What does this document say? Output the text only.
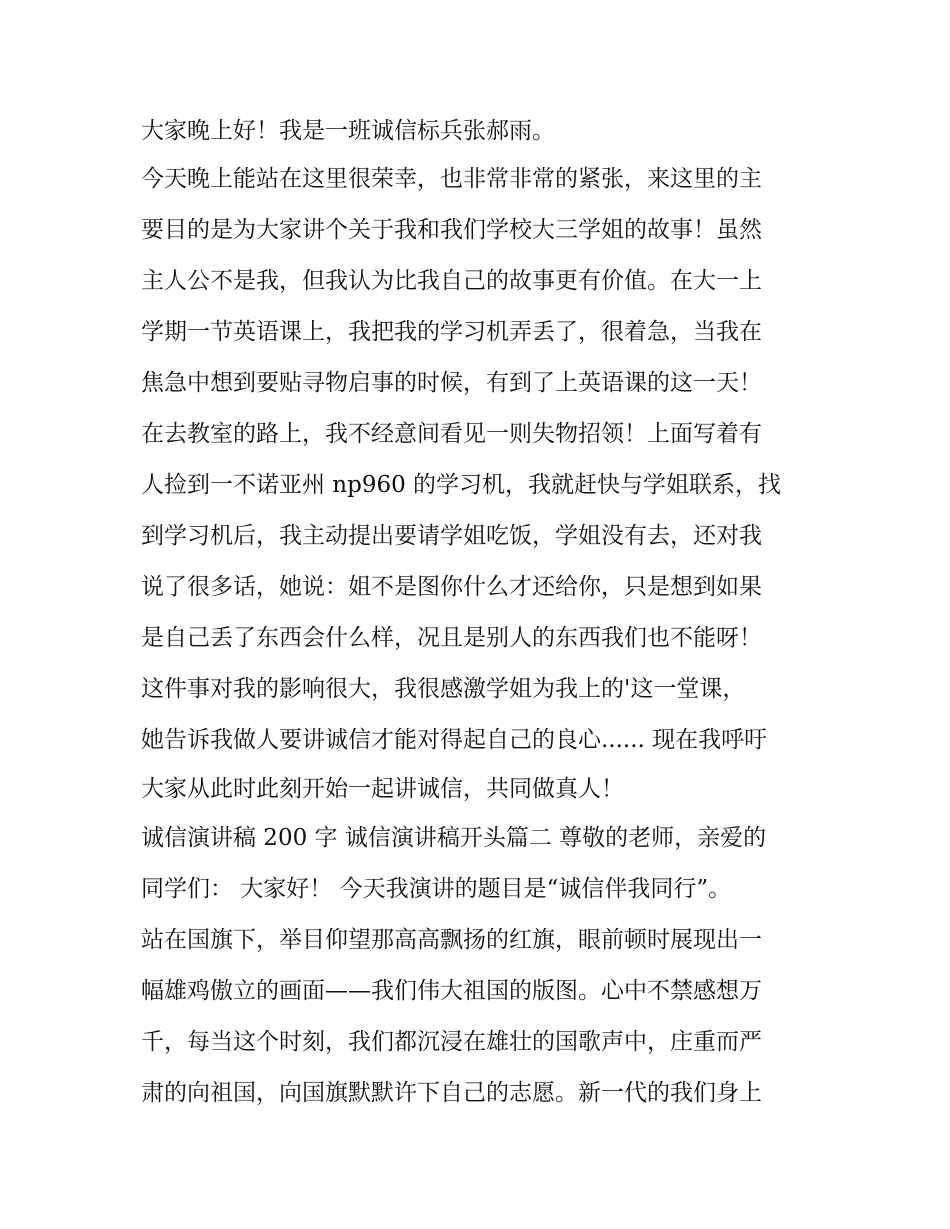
大家晚上好！我是一班诚信标兵张郝雨。
今天晚上能站在这里很荣幸，也非常非常的紧张，来这里的主
要目的是为大家讲个关于我和我们学校大三学姐的故事！虽然
主人公不是我，但我认为比我自己的故事更有价值。在大一上
学期一节英语课上，我把我的学习机弄丢了，很着急，当我在
焦急中想到要贴寻物启事的时候，有到了上英语课的这一天！
在去教室的路上，我不经意间看见一则失物招领！上面写着有
人捡到一不诺亚州 np960 的学习机，我就赶快与学姐联系，找
到学习机后，我主动提出要请学姐吃饭，学姐没有去，还对我
说了很多话，她说：姐不是图你什么才还给你，只是想到如果
是自己丢了东西会什么样，况且是别人的东西我们也不能呀！
这件事对我的影响很大，我很感激学姐为我上的'这一堂课，
她告诉我做人要讲诚信才能对得起自己的良心...... 现在我呼吁
大家从此时此刻开始一起讲诚信，共同做真人！
诚信演讲稿 200 字 诚信演讲稿开头篇二 尊敬的老师，亲爱的
同学们： 大家好！ 今天我演讲的题目是“诚信伴我同行”。
站在国旗下，举目仰望那高高飘扬的红旗，眼前顿时展现出一
幅雄鸡傲立的画面——我们伟大祖国的版图。心中不禁感想万
千，每当这个时刻，我们都沉浸在雄壮的国歌声中，庄重而严
肃的向祖国，向国旗默默许下自己的志愿。新一代的我们身上
